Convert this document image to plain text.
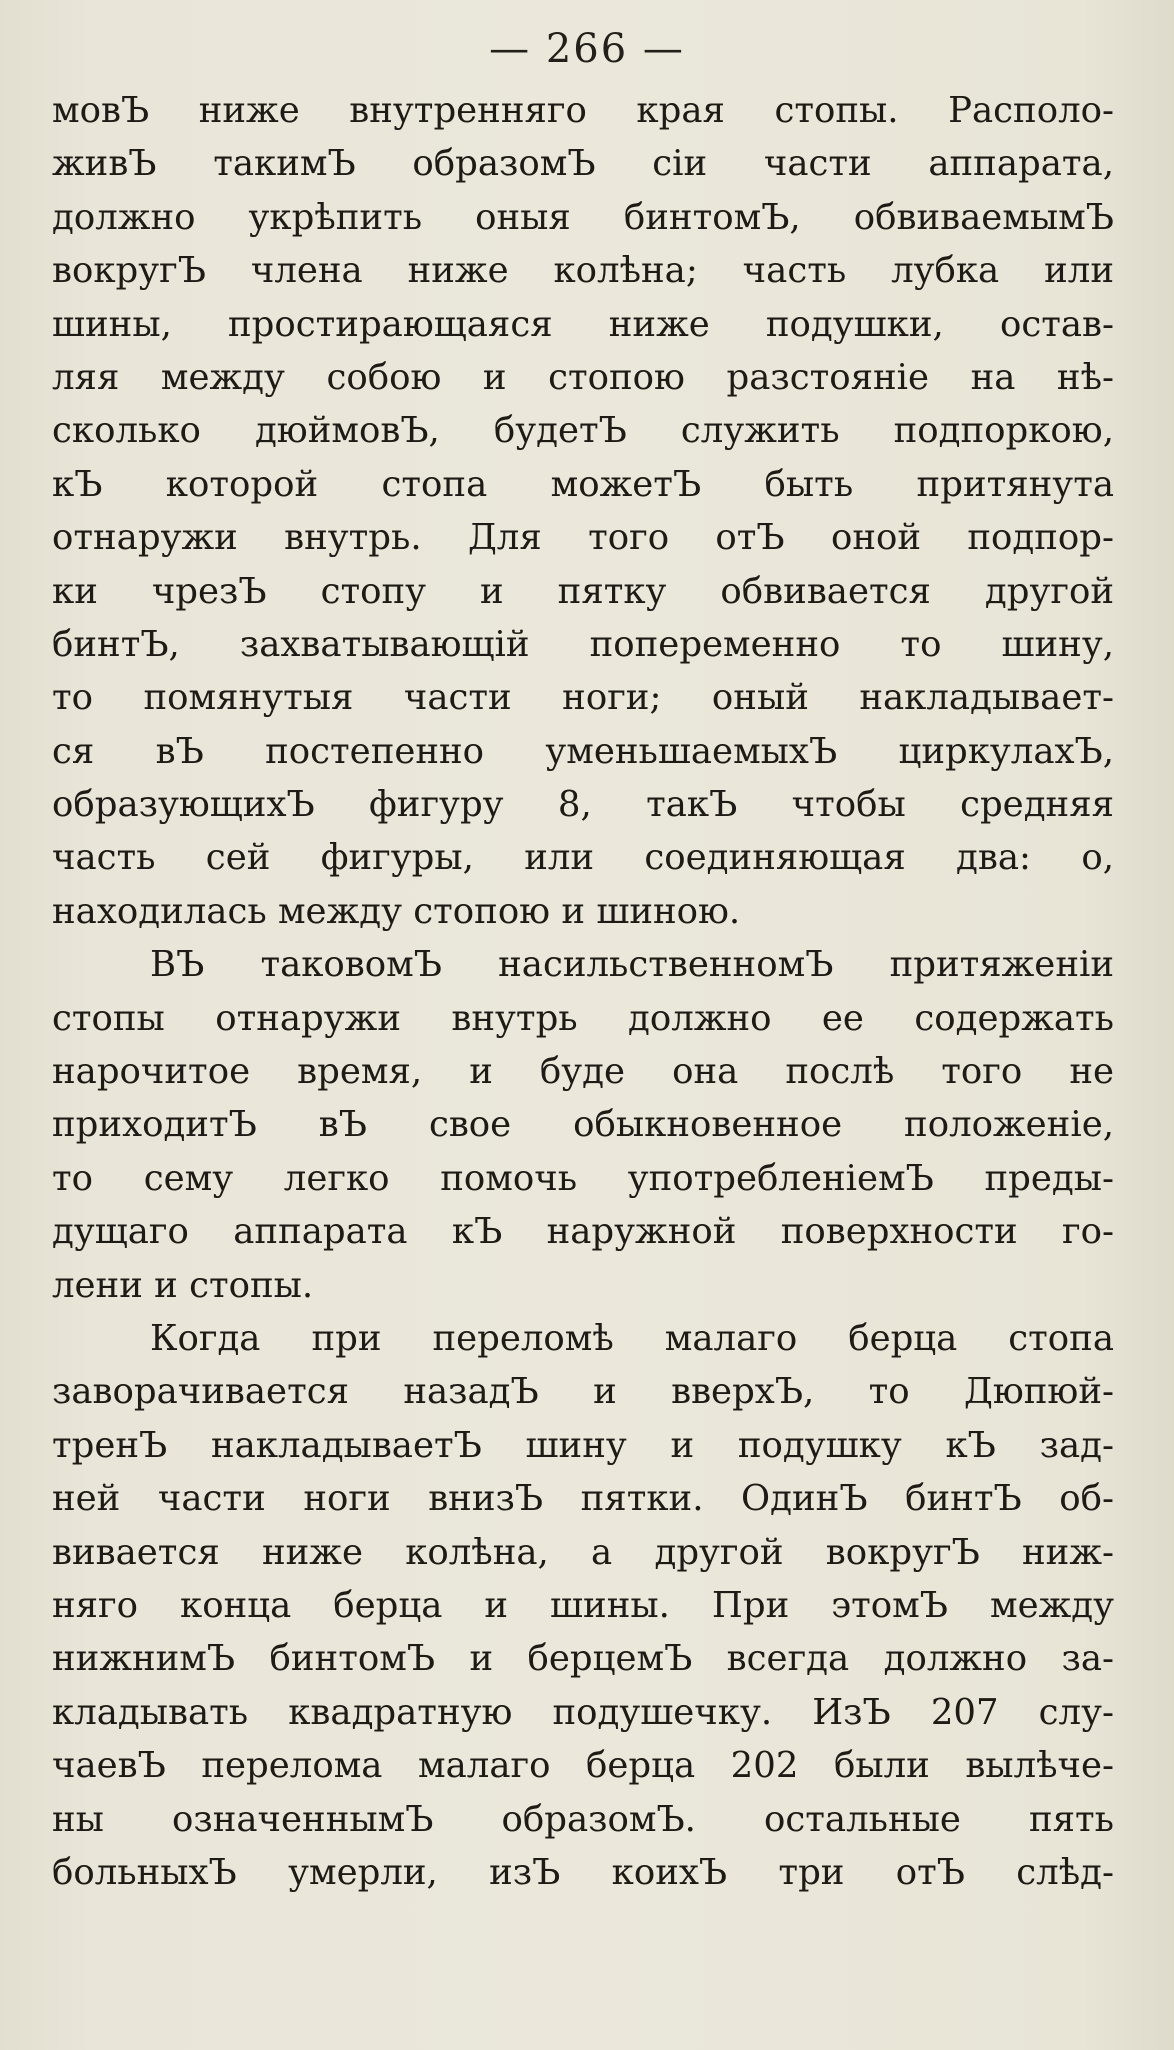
— 266 —
мовЪ ниже внутренняго края стопы. Располо-
живЪ такимЪ образомЪ сіи части аппарата,
должно укрѣпить оныя бинтомЪ, обвиваемымЪ
вокругЪ члена ниже колѣна; часть лубка или
шины, простирающаяся ниже подушки, остав-
ляя между собою и стопою разстояніе на нѣ-
сколько дюймовЪ, будетЪ служить подпоркою,
кЪ которой стопа можетЪ быть притянута
отнаружи внутрь. Для того отЪ оной подпор-
ки чрезЪ стопу и пятку обвивается другой
бинтЪ, захватывающій попеременно то шину,
то помянутыя части ноги; оный накладывает-
ся вЪ постепенно уменьшаемыхЪ циркулахЪ,
образующихЪ фигуру 8, такЪ чтобы средняя
часть сей фигуры, или соединяющая два: о,
находилась между стопою и шиною.
ВЪ таковомЪ насильственномЪ притяженіи
стопы отнаружи внутрь должно ее содержать
нарочитое время, и буде она послѣ того не
приходитЪ вЪ свое обыкновенное положеніе,
то сему легко помочь употребленіемЪ преды-
дущаго аппарата кЪ наружной поверхности го-
лени и стопы.
Когда при переломѣ малаго берца стопа
заворачивается назадЪ и вверхЪ, то Дюпюй-
тренЪ накладываетЪ шину и подушку кЪ зад-
ней части ноги внизЪ пятки. ОдинЪ бинтЪ об-
вивается ниже колѣна, а другой вокругЪ ниж-
няго конца берца и шины. При этомЪ между
нижнимЪ бинтомЪ и берцемЪ всегда должно за-
кладывать квадратную подушечку. ИзЪ 207 слу-
чаевЪ перелома малаго берца 202 были вылѣче-
ны означеннымЪ образомЪ. остальные пять
больныхЪ умерли, изЪ коихЪ три отЪ слѣд-
